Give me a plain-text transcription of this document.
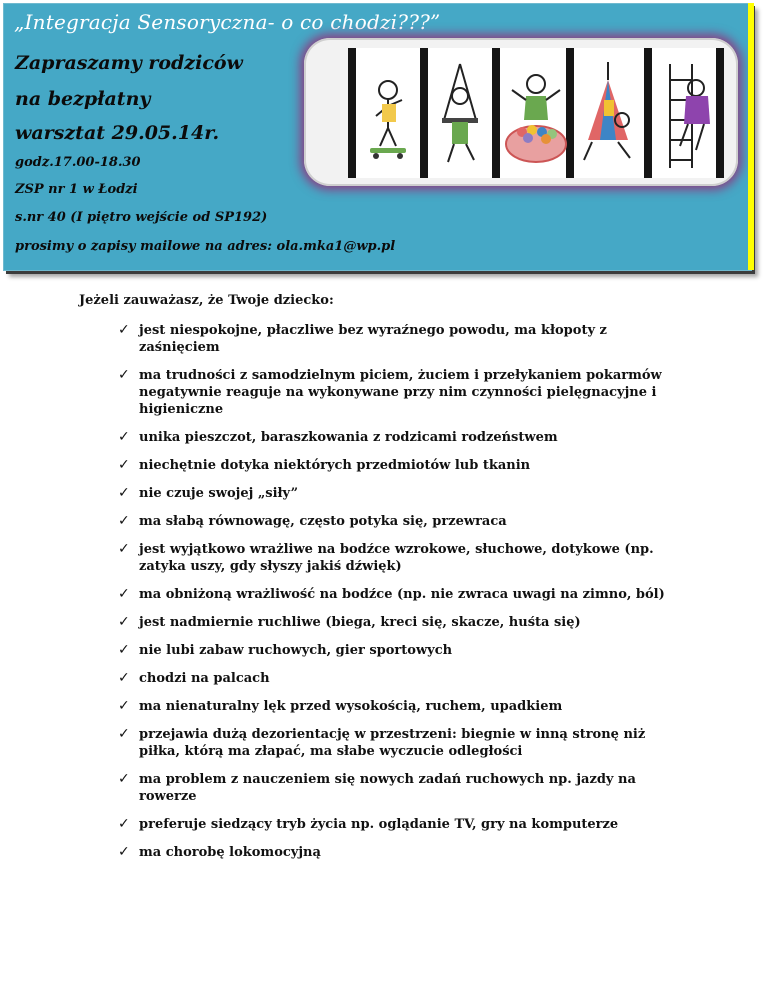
„Integracja Sensoryczna- o co chodzi???”

Zapraszamy rodziców

na bezpłatny

warsztat 29.05.14r.

godz.17.00-18.30

ZSP nr 1 w Łodzi

s.nr 40 (I piętro wejście od SP192)

prosimy o zapisy mailowe na adres: ola.mka1@wp.pl

Jeżeli zauważasz, że Twoje dziecko:

✓ jest niespokojne, płaczliwe bez wyraźnego powodu, ma kłopoty z zaśnięciem
✓ ma trudności z samodzielnym piciem, żuciem i przełykaniem pokarmów negatywnie reaguje na wykonywane przy nim czynności pielęgnacyjne i higieniczne
✓ unika pieszczot, baraszkowania z rodzicami rodzeństwem
✓ niechętnie dotyka niektórych przedmiotów lub tkanin
✓ nie czuje swojej „siły”
✓ ma słabą równowagę, często potyka się, przewraca
✓ jest wyjątkowo wrażliwe na bodźce wzrokowe, słuchowe, dotykowe (np. zatyka uszy, gdy słyszy jakiś dźwięk)
✓ ma obniżoną wrażliwość na bodźce (np. nie zwraca uwagi na zimno, ból)
✓ jest nadmiernie ruchliwe (biega, kreci się, skacze, huśta się)
✓ nie lubi zabaw ruchowych, gier sportowych
✓ chodzi na palcach
✓ ma nienaturalny lęk przed wysokością, ruchem, upadkiem
✓ przejawia dużą dezorientację w przestrzeni: biegnie w inną stronę niż piłka, którą ma złapać, ma słabe wyczucie odległości
✓ ma problem z nauczeniem się nowych zadań ruchowych np. jazdy na rowerze
✓ preferuje siedzący tryb życia np. oglądanie TV, gry na komputerze
✓ ma chorobę lokomocyjną
